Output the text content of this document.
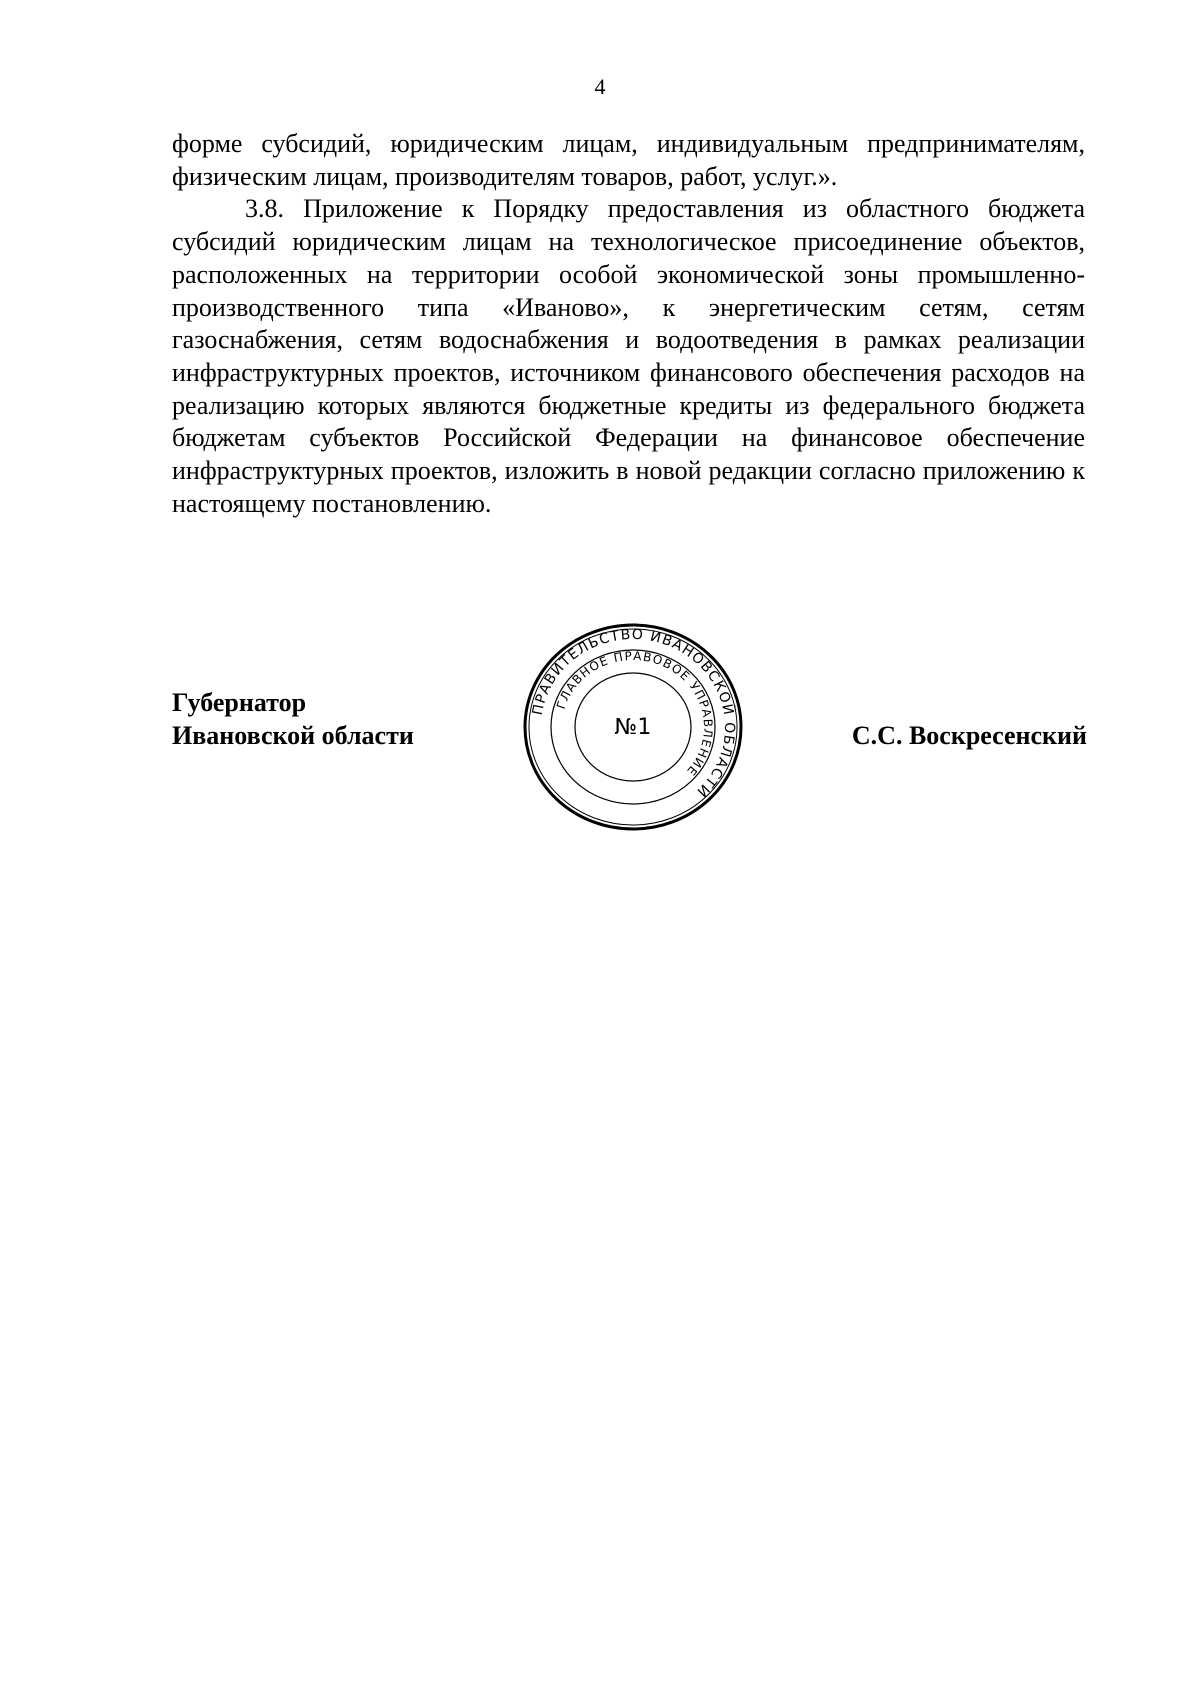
4

форме субсидий, юридическим лицам, индивидуальным предпринимателям, физическим лицам, производителям товаров, работ, услуг.».

3.8. Приложение к Порядку предоставления из областного бюджета субсидий юридическим лицам на технологическое присоединение объектов, расположенных на территории особой экономической зоны промышленно-производственного типа «Иваново», к энергетическим сетям, сетям газоснабжения, сетям водоснабжения и водоотведения в рамках реализации инфраструктурных проектов, источником финансового обеспечения расходов на реализацию которых являются бюджетные кредиты из федерального бюджета бюджетам субъектов Российской Федерации на финансовое обеспечение инфраструктурных проектов, изложить в новой редакции согласно приложению к настоящему постановлению.

Губернатор
Ивановской области	С.С. Воскресенский
ПРАВИТЕЛЬСТВО ИВАНОВСКОЙ ОБЛАСТИ
ГЛАВНОЕ ПРАВОВОЕ УПРАВЛЕНИЕ
№1
